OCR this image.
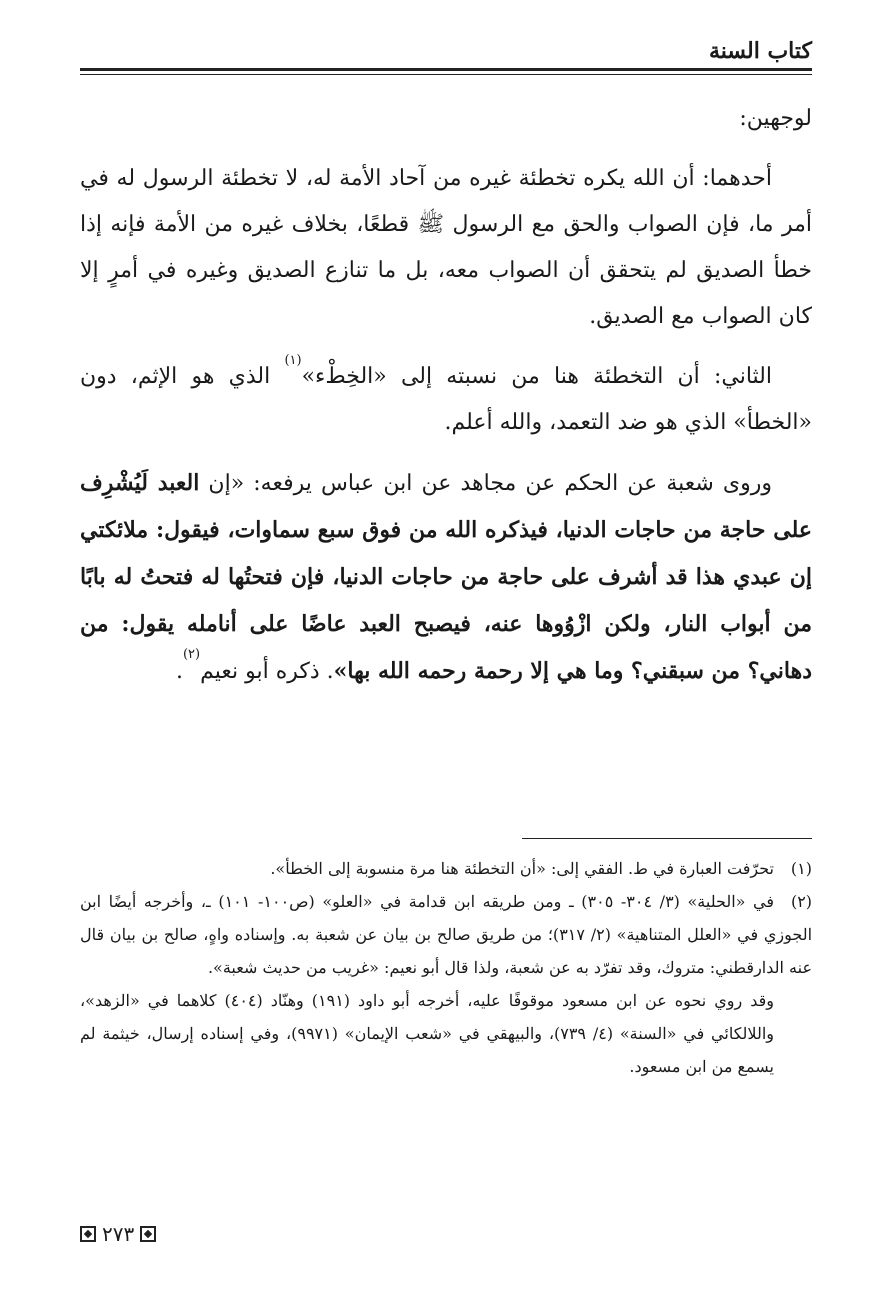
كتاب السنة

لوجهين:

أحدهما: أن الله يكره تخطئة غيره من آحاد الأمة له، لا تخطئة الرسول له في أمر ما، فإن الصواب والحق مع الرسول ﷺ قطعًا، بخلاف غيره من الأمة فإنه إذا خطأ الصديق لم يتحقق أن الصواب معه، بل ما تنازع الصديق وغيره في أمرٍ إلا كان الصواب مع الصديق.

الثاني: أن التخطئة هنا من نسبته إلى «الخِطْء»$^{(١)}$ الذي هو الإثم، دون «الخطأ» الذي هو ضد التعمد، والله أعلم.

وروى شعبة عن الحكم عن مجاهد عن ابن عباس يرفعه: «إن العبد لَيُشْرِف على حاجة من حاجات الدنيا، فيذكره الله من فوق سبع سماوات، فيقول: ملائكتي إن عبدي هذا قد أشرف على حاجة من حاجات الدنيا، فإن فتحتُها له فتحتُ له بابًا من أبواب النار، ولكن ازْوُوها عنه، فيصبح العبد عاضًا على أنامله يقول: من دهاني؟ من سبقني؟ وما هي إلا رحمة رحمه الله بها». ذكره أبو نعيم$^{(٢)}$.

(١)تحرّفت العبارة في ط. الفقي إلى: «أن التخطئة هنا مرة منسوبة إلى الخطأ».

(٢)في «الحلية» (٣/ ٣٠٤- ٣٠٥) ـ ومن طريقه ابن قدامة في «العلو» (ص١٠٠- ١٠١) ـ، وأخرجه أيضًا ابن الجوزي في «العلل المتناهية» (٢/ ٣١٧)؛ من طريق صالح بن بيان عن شعبة به. وإسناده واهٍ، صالح بن بيان قال عنه الدارقطني: متروك، وقد تفرّد به عن شعبة، ولذا قال أبو نعيم: «غريب من حديث شعبة».

وقد روي نحوه عن ابن مسعود موقوفًا عليه، أخرجه أبو داود (١٩١) وهنّاد (٤٠٤) كلاهما في «الزهد»، واللالكائي في «السنة» (٤/ ٧٣٩)، والبيهقي في «شعب الإيمان» (٩٩٧١)، وفي إسناده إرسال، خيثمة لم يسمع من ابن مسعود.

٢٧٣
